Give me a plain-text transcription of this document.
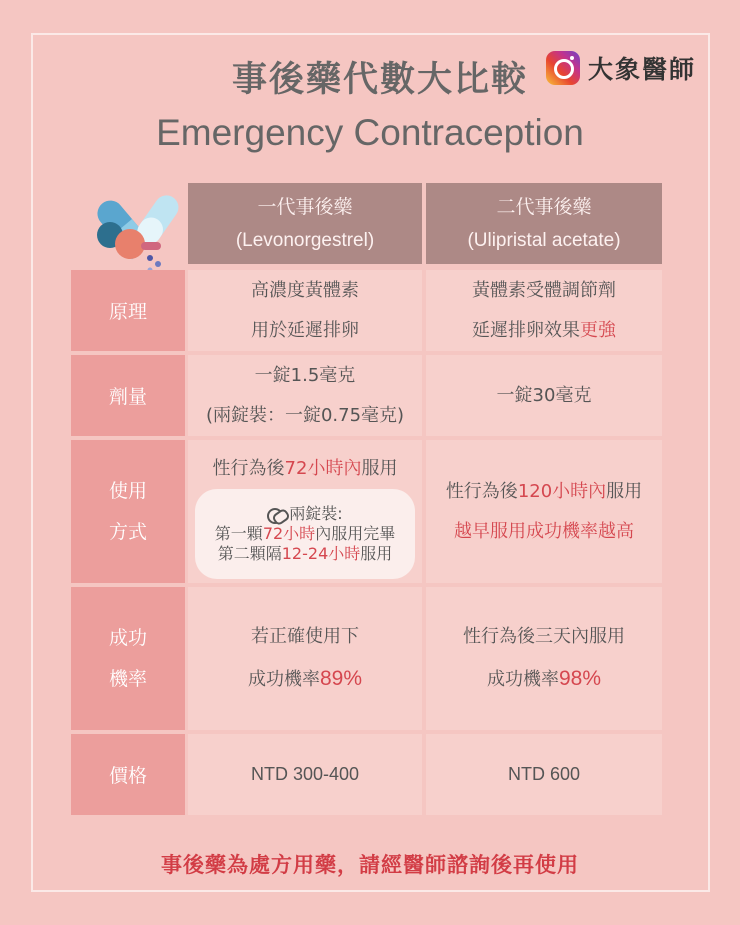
事後藥代數大比較 大象醫師
Emergency Contraception
一代事後藥
(Levonorgestrel)
二代事後藥
(Ulipristal acetate)
原理
高濃度黃體素
用於延遲排卵
黃體素受體調節劑
延遲排卵效果更強
劑量
一錠1.5毫克
(兩錠裝：一錠0.75毫克)
一錠30毫克
使用
方式
性行為後72小時內服用
兩錠裝:
第一顆72小時內服用完畢
第二顆隔12-24小時服用
性行為後120小時內服用
越早服用成功機率越高
成功
機率
若正確使用下
成功機率89%
性行為後三天內服用
成功機率98%
價格	NTD 300-400	NTD 600
事後藥為處方用藥，請經醫師諮詢後再使用
